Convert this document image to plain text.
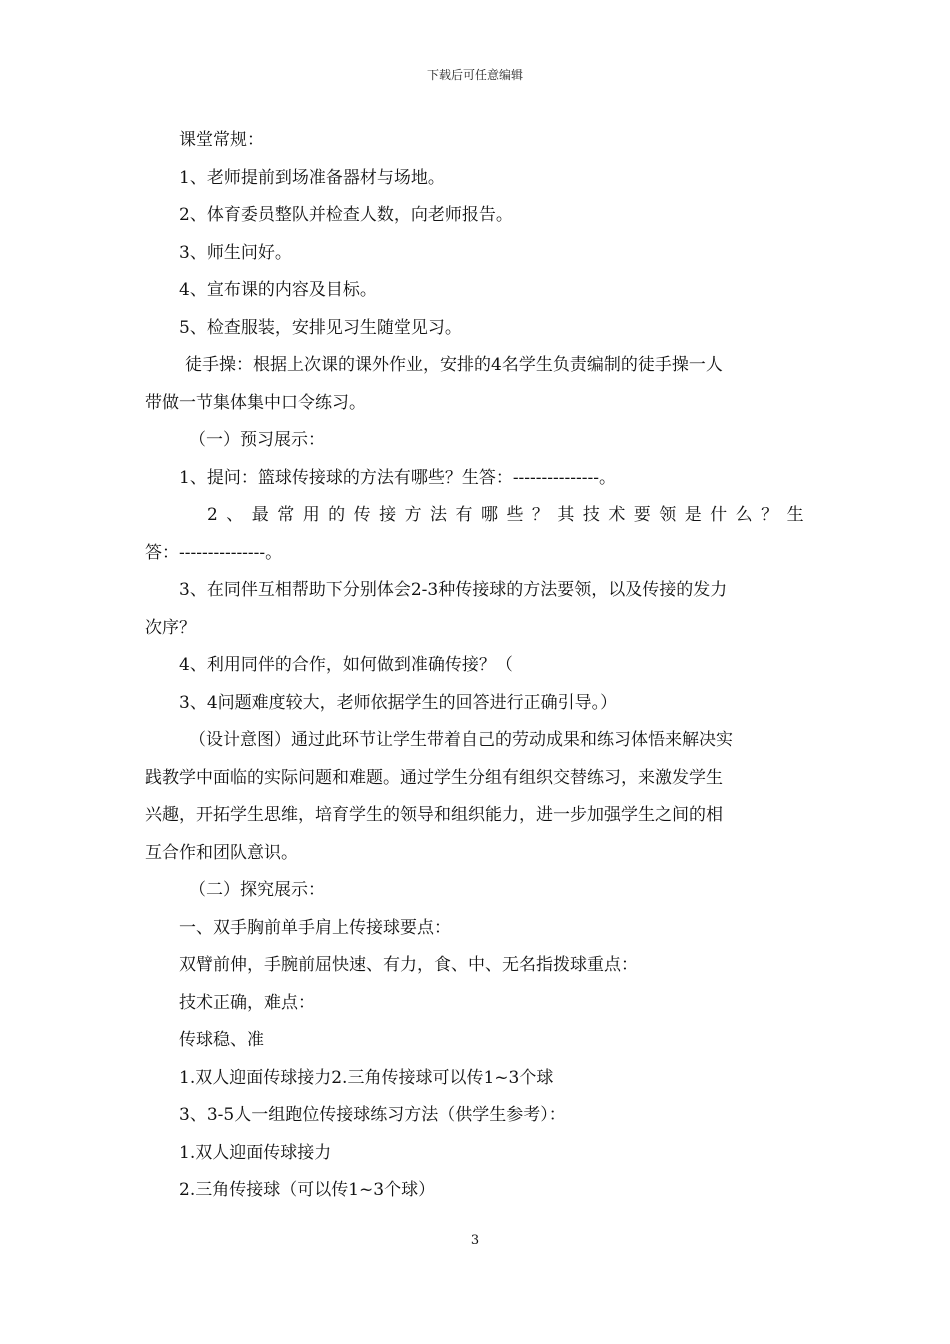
下载后可任意编辑

课堂常规：

1、老师提前到场准备器材与场地。

2、体育委员整队并检查人数，向老师报告。

3、师生问好。

4、宣布课的内容及目标。

5、检查服装，安排见习生随堂见习。

徒手操：根据上次课的课外作业，安排的4名学生负责编制的徒手操一人

带做一节集体集中口令练习。

（一）预习展示：

1、提问：篮球传接球的方法有哪些？生答：---------------。

2、最常用的传接方法有哪些？其技术要领是什么？生

答：---------------。

3、在同伴互相帮助下分别体会2-3种传接球的方法要领，以及传接的发力

次序？

4、利用同伴的合作，如何做到准确传接？（

3、4问题难度较大，老师依据学生的回答进行正确引导。）

（设计意图）通过此环节让学生带着自己的劳动成果和练习体悟来解决实

践教学中面临的实际问题和难题。通过学生分组有组织交替练习，来激发学生

兴趣，开拓学生思维，培育学生的领导和组织能力，进一步加强学生之间的相

互合作和团队意识。

（二）探究展示：

一、双手胸前单手肩上传接球要点：

双臂前伸，手腕前屈快速、有力，食、中、无名指拨球重点：

技术正确，难点：

传球稳、准

1.双人迎面传球接力2.三角传接球可以传1~3个球

3、3-5人一组跑位传接球练习方法（供学生参考）：

1.双人迎面传球接力

2.三角传接球（可以传1~3个球）

3
